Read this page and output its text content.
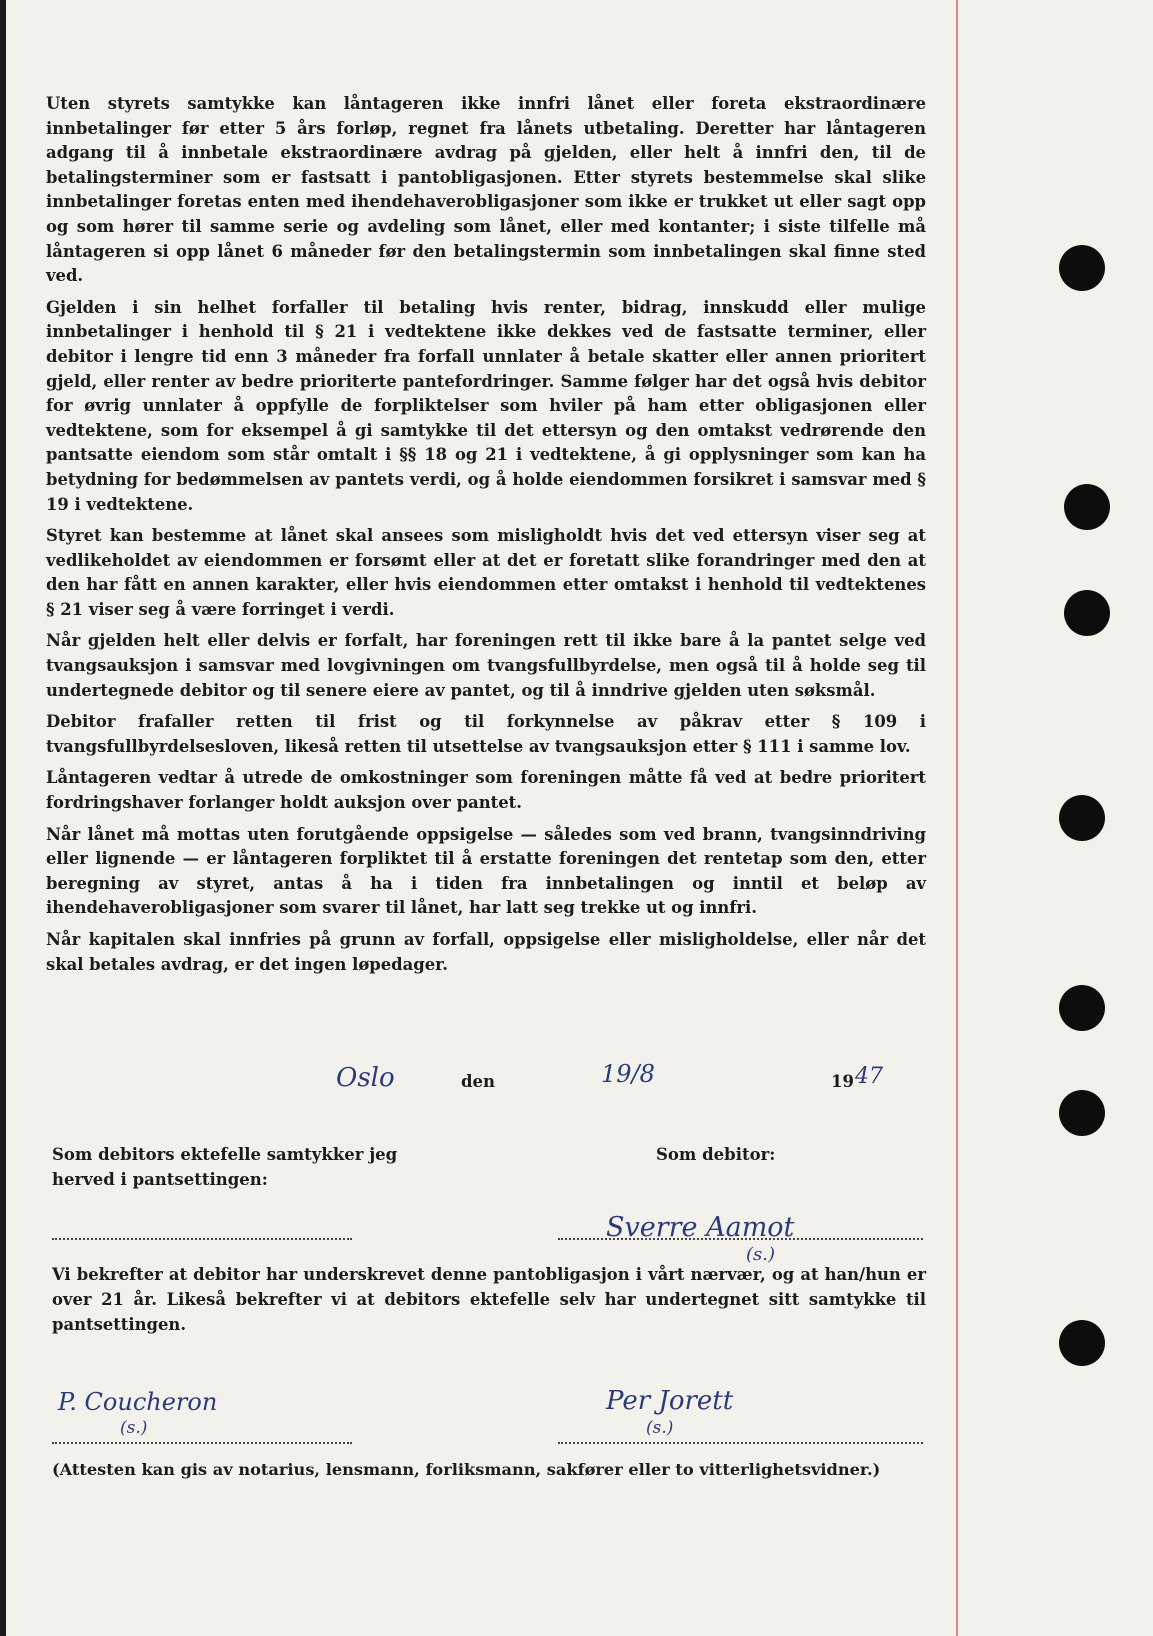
Uten styrets samtykke kan låntageren ikke innfri lånet eller foreta ekstraordinære innbetalinger før etter 5 års forløp, regnet fra lånets utbetaling. Deretter har låntageren adgang til å innbetale ekstraordinære avdrag på gjelden, eller helt å innfri den, til de betalingsterminer som er fastsatt i pantobligasjonen. Etter styrets bestemmelse skal slike innbetalinger foretas enten med ihendehaverobligasjoner som ikke er trukket ut eller sagt opp og som hører til samme serie og avdeling som lånet, eller med kontanter; i siste tilfelle må låntageren si opp lånet 6 måneder før den betalingstermin som innbetalingen skal finne sted ved.

Gjelden i sin helhet forfaller til betaling hvis renter, bidrag, innskudd eller mulige innbetalinger i henhold til § 21 i vedtektene ikke dekkes ved de fastsatte terminer, eller debitor i lengre tid enn 3 måneder fra forfall unnlater å betale skatter eller annen prioritert gjeld, eller renter av bedre prioriterte pantefordringer. Samme følger har det også hvis debitor for øvrig unnlater å oppfylle de forpliktelser som hviler på ham etter obligasjonen eller vedtektene, som for eksempel å gi samtykke til det ettersyn og den omtakst vedrørende den pantsatte eiendom som står omtalt i §§ 18 og 21 i vedtektene, å gi opplysninger som kan ha betydning for bedømmelsen av pantets verdi, og å holde eiendommen forsikret i samsvar med § 19 i vedtektene.

Styret kan bestemme at lånet skal ansees som misligholdt hvis det ved ettersyn viser seg at vedlikeholdet av eiendommen er forsømt eller at det er foretatt slike forandringer med den at den har fått en annen karakter, eller hvis eiendommen etter omtakst i henhold til vedtektenes § 21 viser seg å være forringet i verdi.

Når gjelden helt eller delvis er forfalt, har foreningen rett til ikke bare å la pantet selge ved tvangsauksjon i samsvar med lovgivningen om tvangsfullbyrdelse, men også til å holde seg til undertegnede debitor og til senere eiere av pantet, og til å inndrive gjelden uten søksmål.

Debitor frafaller retten til frist og til forkynnelse av påkrav etter § 109 i tvangsfullbyrdelsesloven, likeså retten til utsettelse av tvangsauksjon etter § 111 i samme lov.

Låntageren vedtar å utrede de omkostninger som foreningen måtte få ved at bedre prioritert fordringshaver forlanger holdt auksjon over pantet.

Når lånet må mottas uten forutgående oppsigelse — således som ved brann, tvangsinndriving eller lignende — er låntageren forpliktet til å erstatte foreningen det rentetap som den, etter beregning av styret, antas å ha i tiden fra innbetalingen og inntil et beløp av ihendehaverobligasjoner som svarer til lånet, har latt seg trekke ut og innfri.

Når kapitalen skal innfries på grunn av forfall, oppsigelse eller misligholdelse, eller når det skal betales avdrag, er det ingen løpedager.

Oslo	den	19/8	19 47
Som debitors ektefelle samtykker jeg
herved i pantsettingen:
Som debitor:
Sverre Aamot
(s.)
Vi bekrefter at debitor har underskrevet denne pantobligasjon i vårt nærvær, og at han/hun er over 21 år. Likeså bekrefter vi at debitors ektefelle selv har undertegnet sitt samtykke til pantsettingen.
P. Coucheron
(s.)
Per Jorett
(s.)
(Attesten kan gis av notarius, lensmann, forliksmann, sakfører eller to vitterlighetsvidner.)
